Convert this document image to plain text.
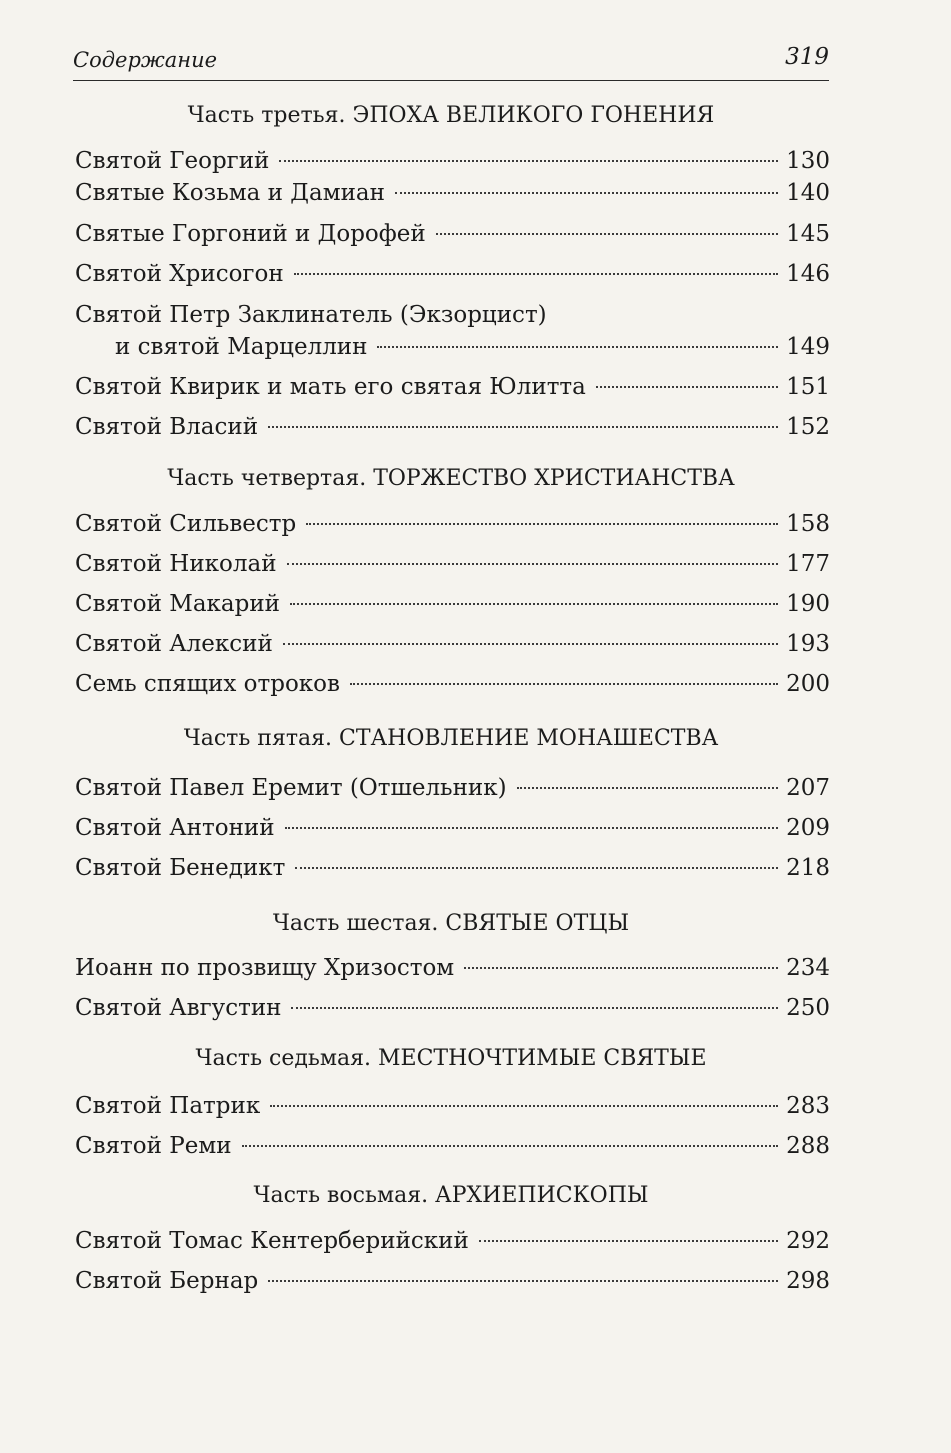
Содержание	319
Часть третья. ЭПОХА ВЕЛИКОГО ГОНЕНИЯ
Святой Георгий	130
Святые Козьма и Дамиан	140
Святые Горгоний и Дорофей	145
Святой Хрисогон	146
Святой Петр Заклинатель (Экзорцист)
и святой Марцеллин	149
Святой Квирик и мать его святая Юлитта	151
Святой Власий	152
Часть четвертая. ТОРЖЕСТВО ХРИСТИАНСТВА
Святой Сильвестр	158
Святой Николай	177
Святой Макарий	190
Святой Алексий	193
Семь спящих отроков	200
Часть пятая. СТАНОВЛЕНИЕ МОНАШЕСТВА
Святой Павел Еремит (Отшельник)	207
Святой Антоний	209
Святой Бенедикт	218
Часть шестая. СВЯТЫЕ ОТЦЫ
Иоанн по прозвищу Хризостом	234
Святой Августин	250
Часть седьмая. МЕСТНОЧТИМЫЕ СВЯТЫЕ
Святой Патрик	283
Святой Реми	288
Часть восьмая. АРХИЕПИСКОПЫ
Святой Томас Кентерберийский	292
Святой Бернар	298
